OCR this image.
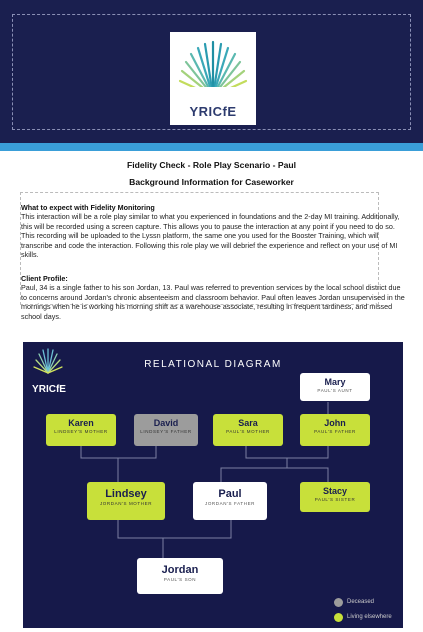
YRICfE
Fidelity Check - Role Play Scenario - Paul
Background Information for Caseworker
What to expect with Fidelity Monitoring
This interaction will be a role play similar to what you experienced in foundations and the 2-day MI training. Additionally, this will be recorded using a screen capture. This allows you to pause the interaction at any point if you need to do so. This recording will be uploaded to the Lyssn platform, the same one you used for the Booster Training, which will transcribe and code the interaction. Following this role play we will debrief the experience and reflect on your use of MI skills.
Client Profile:
Paul, 34 is a single father to his son Jordan, 13. Paul was referred to prevention services by the local school district due to concerns around Jordan's chronic absenteeism and classroom behavior. Paul often leaves Jordan unsupervised in the mornings when he is working his morning shift as a warehouse associate, resulting in frequent tardiness, and missed school days.
RELATIONAL DIAGRAM
YRICfE
Mary
PAUL'S AUNT
Karen
LINDSEY'S MOTHER
David
LINDSEY'S FATHER
Sara
PAUL'S MOTHER
John
PAUL'S FATHER
Lindsey
JORDAN'S MOTHER
Paul
JORDAN'S FATHER
Stacy
PAUL'S SISTER
Jordan
PAUL'S SON
Deceased
Living elsewhere
